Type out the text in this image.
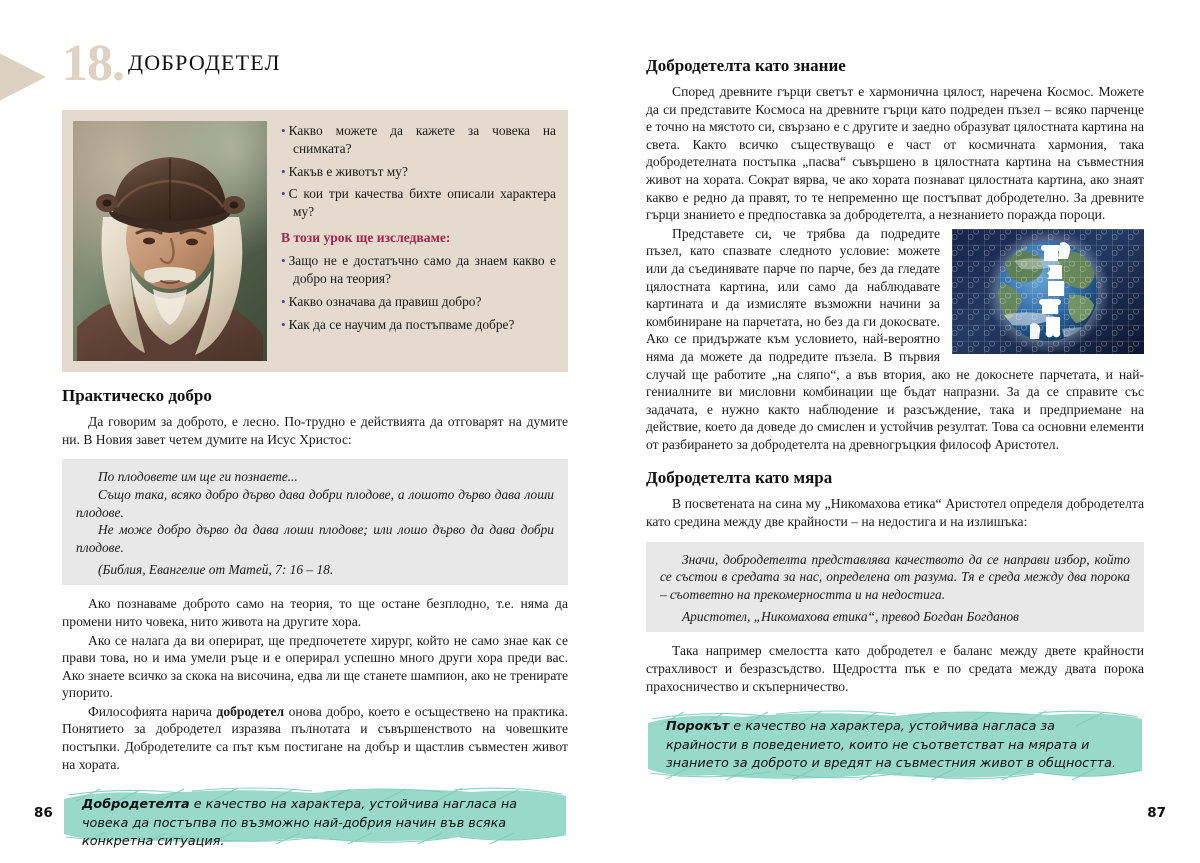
18. ДОБРОДЕТЕЛ

• Какво можете да кажете за човека на снимката?

• Какъв е животът му?

• С кои три качества бихте описали характера му?

В този урок ще изследваме:

• Защо не е достатъчно само да знаем какво е добро на теория?

• Какво означава да правиш добро?

• Как да се научим да постъпваме добре?

Практическо добро

Да говорим за доброто, е лесно. По-трудно е действията да отговарят на думите ни. В Новия завет четем думите на Исус Христос:

По плодовете им ще ги познаете...

Също така, всяко добро дърво дава добри плодове, а лошото дърво дава лоши плодове.

Не може добро дърво да дава лоши плодове; или лошо дърво да дава добри плодове.

(Библия, Евангелие от Матей, 7: 16 – 18.

Ако познаваме доброто само на теория, то ще остане безплодно, т.е. няма да промени нито човека, нито живота на другите хора.

Ако се налага да ви оперират, ще предпочетете хирург, който не само знае как се прави това, но и има умели ръце и е оперирал успешно много други хора преди вас. Ако знаете всичко за скока на височина, едва ли ще станете шампион, ако не тренирате упорито.

Философията нарича добродетел онова добро, което е осъществено на практика. Понятието за добродетел изразява пълнотата и съвършенството на човешките постъпки. Добродетелите са път към постигане на добър и щастлив съвместен живот на хората.

Добродетелта е качество на характера, устойчива нагласа на човека да постъпва по възможно най-добрия начин във всяка конкретна ситуация.
86
Добродетелта като знание

Според древните гърци светът е хармонична цялост, наречена Космос. Можете да си представите Космоса на древните гърци като подреден пъзел – всяко парченце е точно на мястото си, свързано е с другите и заедно образуват цялостната картина на света. Както всичко съществуващо е част от космичната хармония, така добродетелната постъпка „пасва“ съвършено в цялостната картина на съвместния живот на хората. Сократ вярва, че ако хората познават цялостната картина, ако знаят какво е редно да правят, то те непременно ще постъпват добродетелно. За древните гърци знанието е предпоставка за добродетелта, а незнанието поражда пороци.

Представете си, че трябва да подредите пъзел, като спазвате следното условие: можете или да съединявате парче по парче, без да гледате цялостната картина, или само да наблюдавате картината и да измисляте възможни начини за комбиниране на парчетата, но без да ги докосвате. Ако се придържате към условието, най-вероятно няма да можете да подредите пъзела. В първия случай ще работите „на сляпо“, а във втория, ако не докоснете парчетата, и най-гениалните ви мисловни комбинации ще бъдат напразни. За да се справите със задачата, е нужно както наблюдение и разсъждение, така и предприемане на действие, което да доведе до смислен и устойчив резултат. Това са основни елементи от разбирането за добродетелта на древногръцкия философ Аристотел.

Добродетелта като мяра

В посветената на сина му „Никомахова етика“ Аристотел определя добродетелта като средина между две крайности – на недостига и на излишъка:

Значи, добродетелта представлява качеството да се направи избор, който се състои в средата за нас, определена от разума. Тя е среда между два порока – съответно на прекомерността и на недостига.

Аристотел, „Никомахова етика“, превод Богдан Богданов

Така например смелостта като добродетел е баланс между двете крайности страхливост и безразсъдство. Щедростта пък е по средата между двата порока прахосничество и скъперничество.

Порокът е качество на характера, устойчива нагласа за крайности в поведението, които не съответстват на мярата и знанието за доброто и вредят на съвместния живот в общността.
87
